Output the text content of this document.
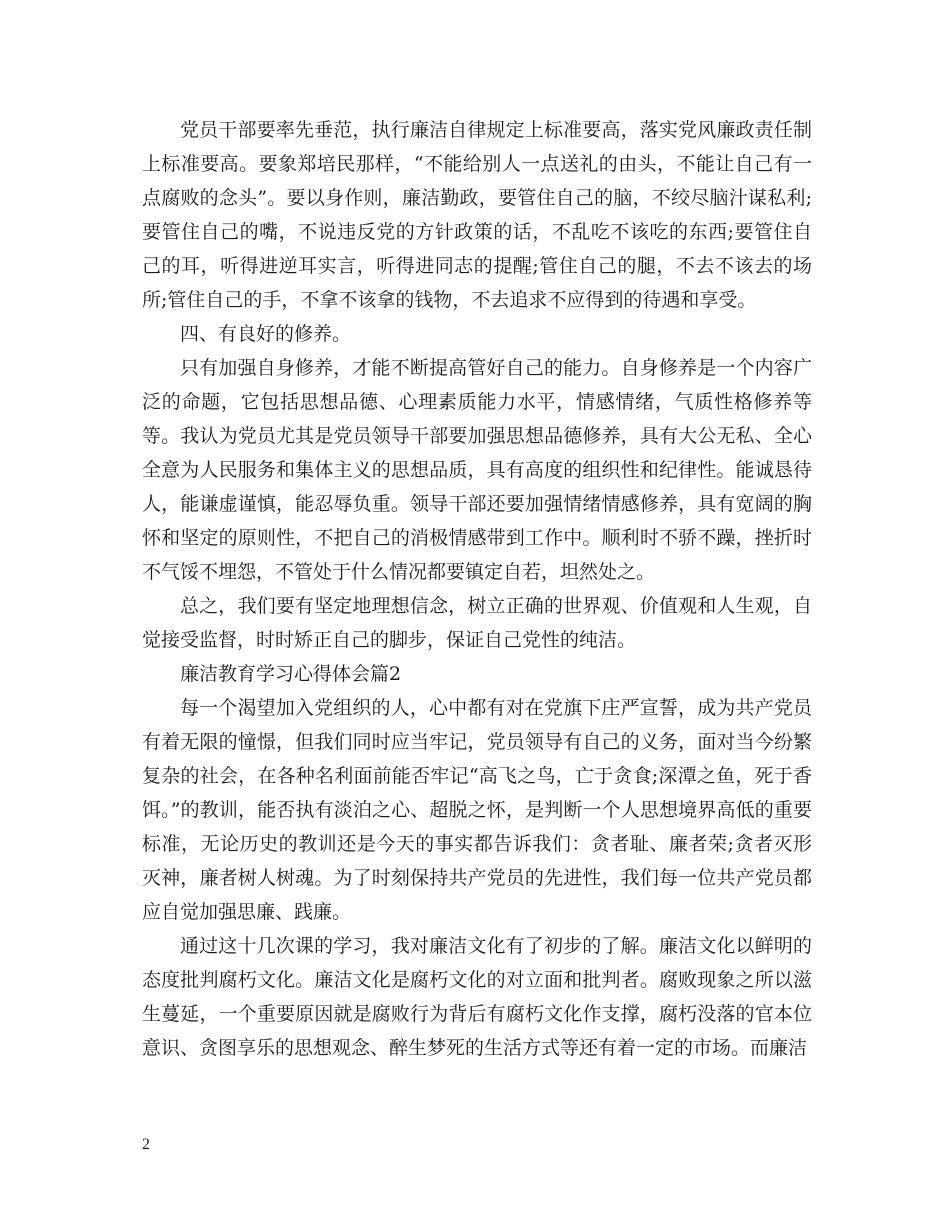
党员干部要率先垂范，执行廉洁自律规定上标准要高，落实党风廉政责任制上标准要高。要象郑培民那样，“不能给别人一点送礼的由头，不能让自己有一点腐败的念头”。要以身作则，廉洁勤政，要管住自己的脑，不绞尽脑汁谋私利;要管住自己的嘴，不说违反党的方针政策的话，不乱吃不该吃的东西;要管住自己的耳，听得进逆耳实言，听得进同志的提醒;管住自己的腿，不去不该去的场所;管住自己的手，不拿不该拿的钱物，不去追求不应得到的待遇和享受。

四、有良好的修养。

只有加强自身修养，才能不断提高管好自己的能力。自身修养是一个内容广泛的命题，它包括思想品德、心理素质能力水平，情感情绪，气质性格修养等等。我认为党员尤其是党员领导干部要加强思想品德修养，具有大公无私、全心全意为人民服务和集体主义的思想品质，具有高度的组织性和纪律性。能诚恳待人，能谦虚谨慎，能忍辱负重。领导干部还要加强情绪情感修养，具有宽阔的胸怀和坚定的原则性，不把自己的消极情感带到工作中。顺利时不骄不躁，挫折时不气馁不埋怨，不管处于什么情况都要镇定自若，坦然处之。

总之，我们要有坚定地理想信念，树立正确的世界观、价值观和人生观，自觉接受监督，时时矫正自己的脚步，保证自己党性的纯洁。

廉洁教育学习心得体会篇2

每一个渴望加入党组织的人，心中都有对在党旗下庄严宣誓，成为共产党员有着无限的憧憬，但我们同时应当牢记，党员领导有自己的义务，面对当今纷繁复杂的社会，在各种名利面前能否牢记“高飞之鸟，亡于贪食;深潭之鱼，死于香饵。”的教训，能否执有淡泊之心、超脱之怀，是判断一个人思想境界高低的重要标准，无论历史的教训还是今天的事实都告诉我们：贪者耻、廉者荣;贪者灭形灭神，廉者树人树魂。为了时刻保持共产党员的先进性，我们每一位共产党员都应自觉加强思廉、践廉。

通过这十几次课的学习，我对廉洁文化有了初步的了解。廉洁文化以鲜明的态度批判腐朽文化。廉洁文化是腐朽文化的对立面和批判者。腐败现象之所以滋生蔓延，一个重要原因就是腐败行为背后有腐朽文化作支撑，腐朽没落的官本位意识、贪图享乐的思想观念、醉生梦死的生活方式等还有着一定的市场。而廉洁

2
